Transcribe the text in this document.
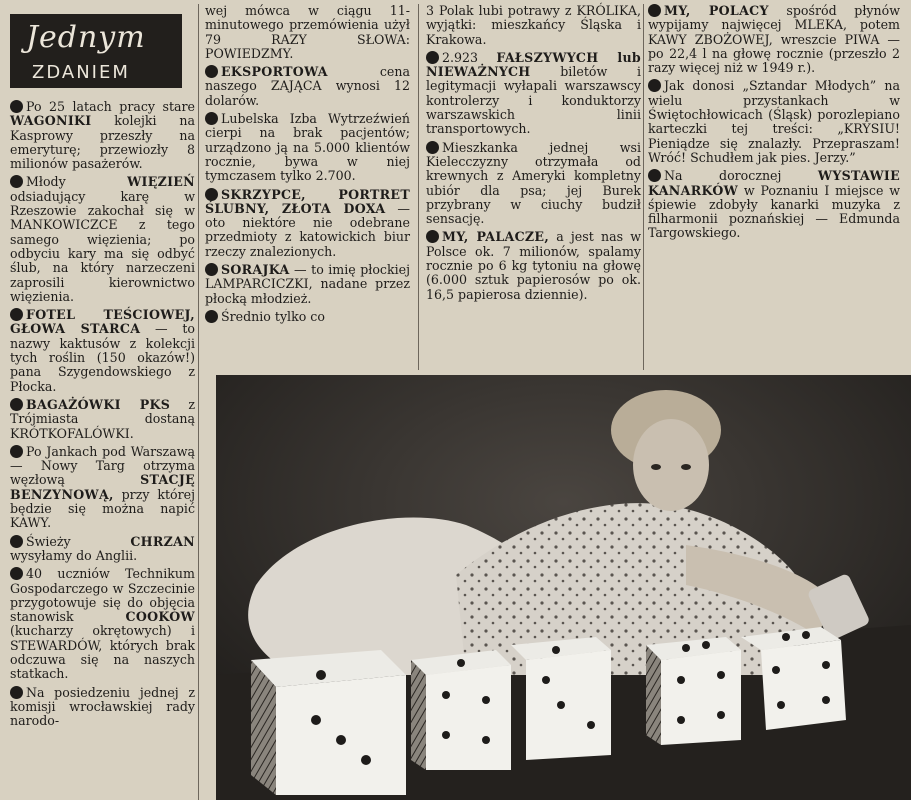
Jednym
ZDANIEM

Po 25 latach pracy stare WAGONIKI kolejki na Kasprowy przeszły na emeryturę; przewiozły 8 milionów pasażerów.

Młody WIĘZIEŃ odsiadujący karę w Rzeszowie zakochał się w MANKOWICZCE z tego samego więzienia; po odbyciu kary ma się odbyć ślub, na który narzeczeni zaprosili kierownictwo więzienia.

FOTEL TEŚCIOWEJ, GŁOWA STARCA — to nazwy kaktusów z kolekcji tych roślin (150 okazów!) pana Szygendowskiego z Płocka.

BAGAŻÓWKI PKS z Trójmiasta dostaną KRÓTKOFALÓWKI.

Po Jankach pod Warszawą — Nowy Targ otrzyma węzłową STACJĘ BENZYNOWĄ, przy której będzie się można napić KAWY.

Świeży CHRZAN wysyłamy do Anglii.

40 uczniów Technikum Gospodarczego w Szczecinie przygotowuje się do objęcia stanowisk COOKÓW (kucharzy okrętowych) i STEWARDÓW, których brak odczuwa się na naszych statkach.

Na posiedzeniu jednej z komisji wrocławskiej rady narodo-

wej mówca w ciągu 11-minutowego przemówienia użył 79 RAZY SŁOWA: POWIEDZMY.

EKSPORTOWA cena naszego ZAJĄCA wynosi 12 dolarów.

Lubelska Izba Wytrzeźwień cierpi na brak pacjentów; urządzono ją na 5.000 klientów rocznie, bywa w niej tymczasem tylko 2.700.

SKRZYPCE, PORTRET ŚLUBNY, ZŁOTA DOXA — oto niektóre nie odebrane przedmioty z katowickich biur rzeczy znalezionych.

SORAJKA — to imię płockiej LAMPARCICZKI, nadane przez płocką młodzież.

Średnio tylko co

3 Polak lubi potrawy z KRÓLIKA, wyjątki: mieszkańcy Śląska i Krakowa.

2.923 FAŁSZYWYCH lub NIEWAŻNYCH biletów i legitymacji wyłapali warszawscy kontrolerzy i konduktorzy warszawskich linii transportowych.

Mieszkanka jednej wsi Kielecczyzny otrzymała od krewnych z Ameryki kompletny ubiór dla psa; jej Burek przybrany w ciuchy budził sensację.

MY, PALACZE, a jest nas w Polsce ok. 7 milionów, spalamy rocznie po 6 kg tytoniu na głowę (6.000 sztuk papierosów po ok. 16,5 papierosa dziennie).

MY, POLACY spośród płynów wypijamy najwięcej MLEKA, potem KAWY ZBOŻOWEJ, wreszcie PIWA — po 22,4 l na głowę rocznie (przeszło 2 razy więcej niż w 1949 r.).

Jak donosi „Sztandar Młodych” na wielu przystankach w Świętochłowicach (Śląsk) porozlepiano karteczki tej treści: „KRYSIU! Pieniądze się znalazły. Przepraszam! Wróć! Schudłem jak pies. Jerzy.”

Na dorocznej WYSTAWIE KANARKÓW w Poznaniu I miejsce w śpiewie zdobyły kanarki muzyka z filharmonii poznańskiej — Edmunda Targowskiego.
